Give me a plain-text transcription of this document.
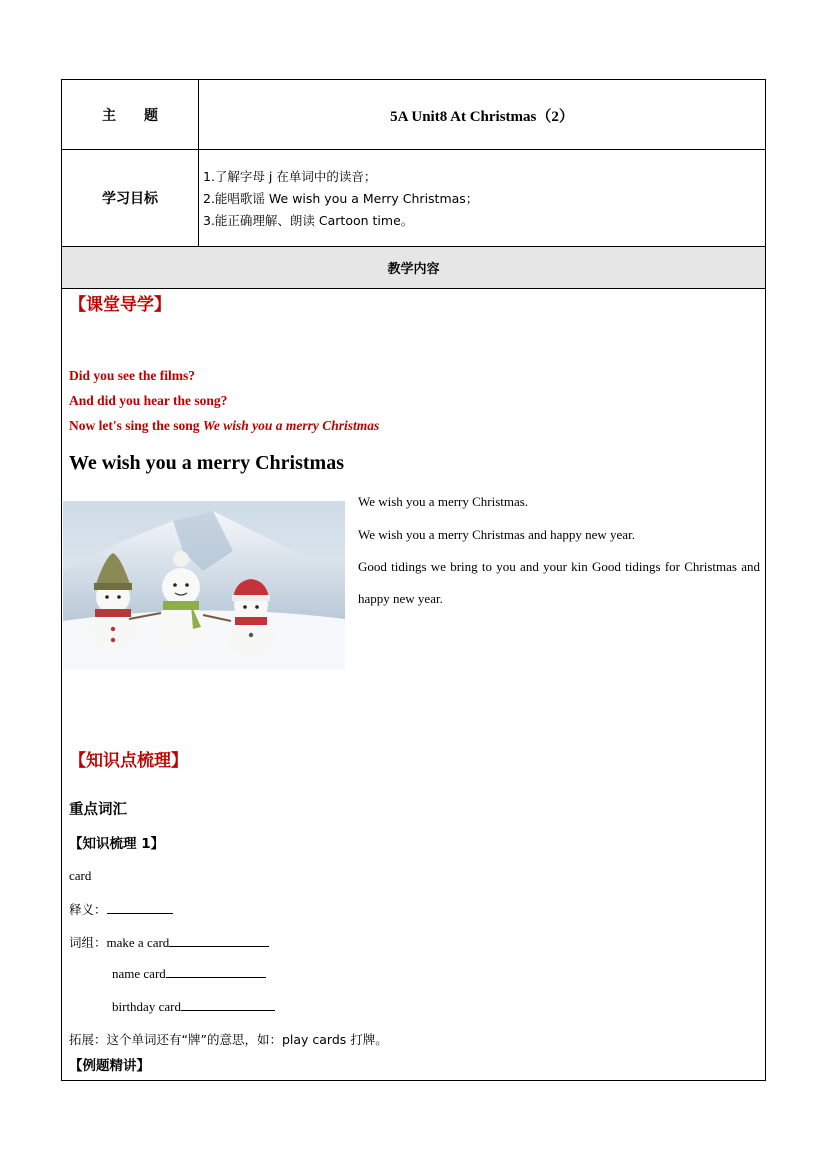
主　　题	5A Unit8 At Christmas（2）
学习目标
1.了解字母 j 在单词中的读音；
2.能唱歌谣 We wish you a Merry Christmas；
3.能正确理解、朗读 Cartoon time。
教学内容
【课堂导学】
Did you see the films?
And did you hear the song?
Now let's sing the song We wish you a merry Christmas
We wish you a merry Christmas

We wish you a merry Christmas.

We wish you a merry Christmas and happy new year.

Good tidings we bring to you and your kin Good tidings for Christmas and happy new year.

【知识点梳理】
重点词汇
【知识梳理 1】
card
释义：
词组：make a card
name card
birthday card
拓展：这个单词还有“牌”的意思，如：play cards 打牌。
【例题精讲】
